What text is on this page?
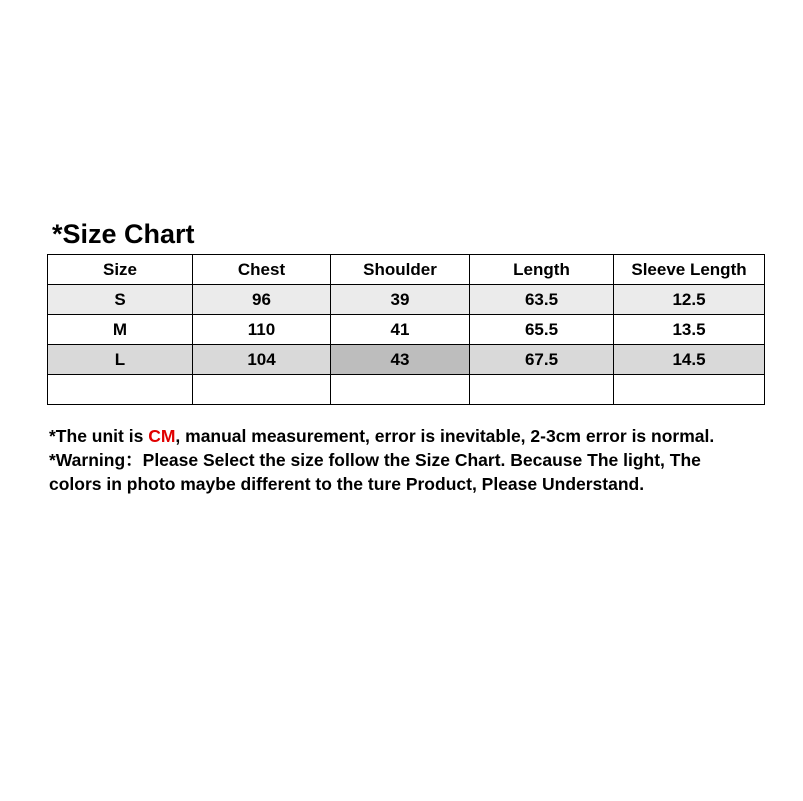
*Size Chart
Size	Chest	Shoulder	Length	Sleeve Length
S	96	39	63.5	12.5
M	110	41	65.5	13.5
L	104	43	67.5	14.5

*The unit is CM, manual measurement, error is inevitable, 2-3cm error is normal. *Warning：Please Select the size follow the Size Chart. Because The light, The colors in photo maybe different to the ture Product, Please Understand.
